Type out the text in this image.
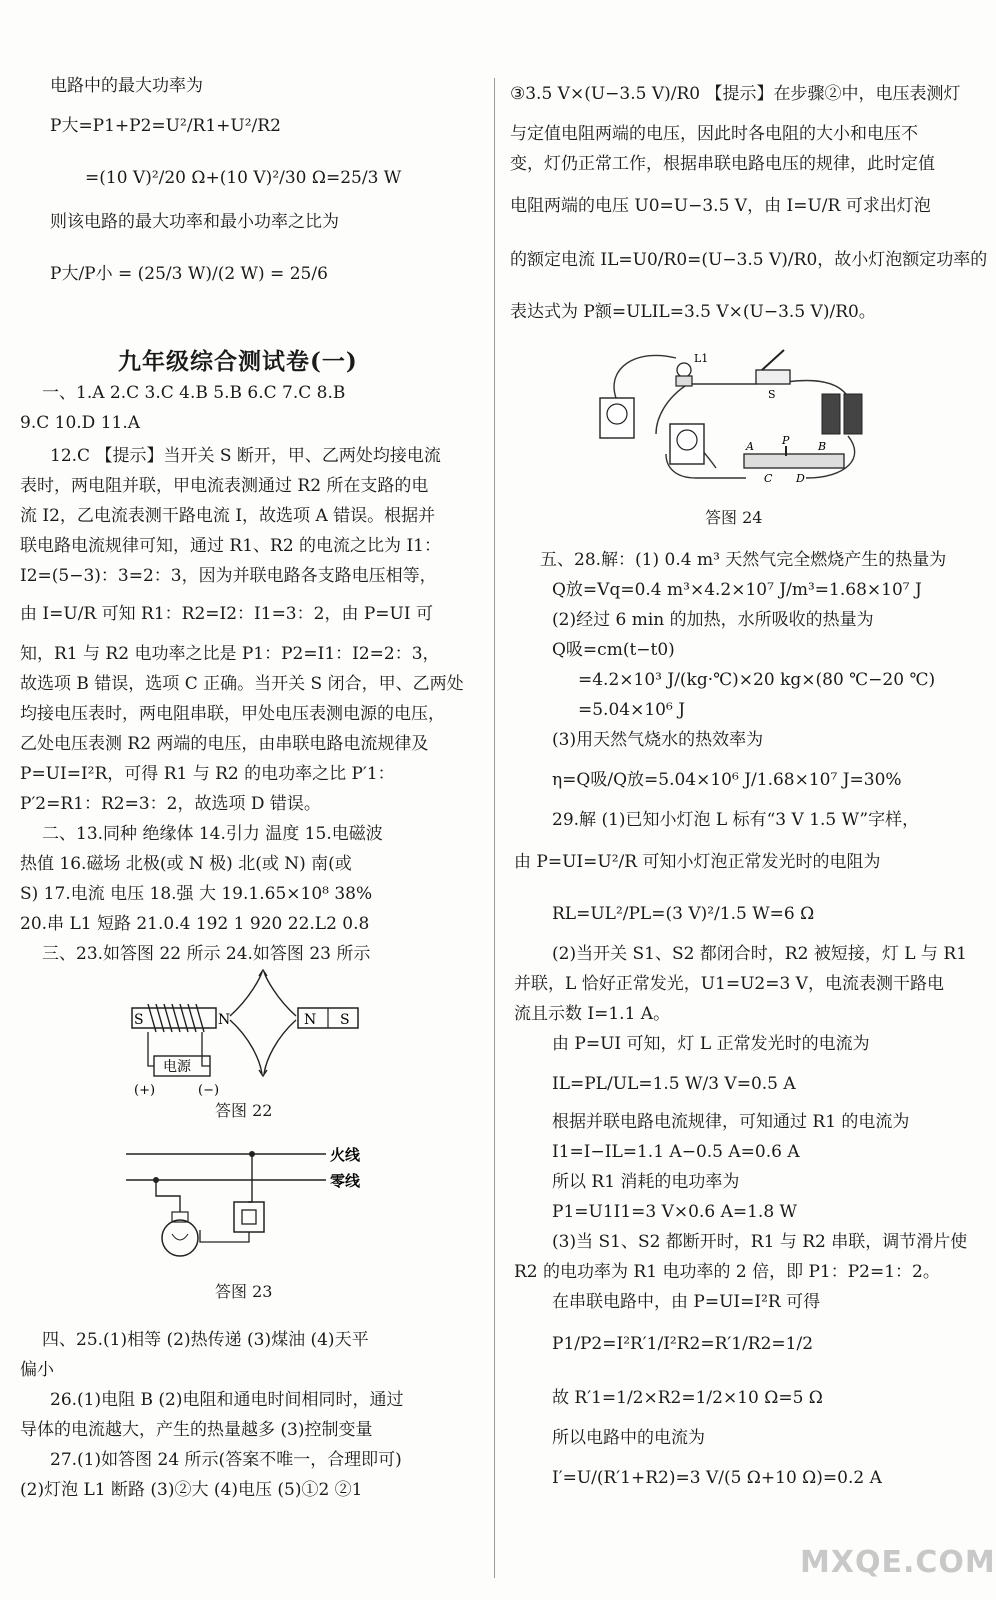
电路中的最大功率为
P大=P1+P2=U²/R1+U²/R2
=(10 V)²/20 Ω+(10 V)²/30 Ω=25/3 W
则该电路的最大功率和最小功率之比为
P大/P小 = (25/3 W)/(2 W) = 25/6
九年级综合测试卷(一)
一、1.A 2.C 3.C 4.B 5.B 6.C 7.C 8.B
9.C 10.D 11.A
12.C 【提示】当开关 S 断开，甲、乙两处均接电流
表时，两电阻并联，甲电流表测通过 R2 所在支路的电
流 I2，乙电流表测干路电流 I，故选项 A 错误。根据并
联电路电流规律可知，通过 R1、R2 的电流之比为 I1：
I2=(5−3)：3=2：3，因为并联电路各支路电压相等，
由 I=U/R 可知 R1：R2=I2：I1=3：2，由 P=UI 可
知，R1 与 R2 电功率之比是 P1：P2=I1：I2=2：3，
故选项 B 错误，选项 C 正确。当开关 S 闭合，甲、乙两处
均接电压表时，两电阻串联，甲处电压表测电源的电压，
乙处电压表测 R2 两端的电压，由串联电路电流规律及
P=UI=I²R，可得 R1 与 R2 的电功率之比 P′1：
P′2=R1：R2=3：2，故选项 D 错误。
二、13.同种 绝缘体 14.引力 温度 15.电磁波
热值 16.磁场 北极(或 N 极) 北(或 N) 南(或
S) 17.电流 电压 18.强 大 19.1.65×10⁸ 38%
20.串 L1 短路 21.0.4 192 1 920 22.L2 0.8
三、23.如答图 22 所示 24.如答图 23 所示
S	N
电源
(+)	(−)
N S
答图 22
火线
零线
答图 23
四、25.(1)相等 (2)热传递 (3)煤油 (4)天平
偏小
26.(1)电阻 B (2)电阻和通电时间相同时，通过
导体的电流越大，产生的热量越多 (3)控制变量
27.(1)如答图 24 所示(答案不唯一，合理即可)
(2)灯泡 L1 断路 (3)②大 (4)电压 (5)①2 ②1
③3.5 V×(U−3.5 V)/R0 【提示】在步骤②中，电压表测灯
与定值电阻两端的电压，因此时各电阻的大小和电压不
变，灯仍正常工作，根据串联电路电压的规律，此时定值
电阻两端的电压 U0=U−3.5 V，由 I=U/R 可求出灯泡
的额定电流 IL=U0/R0=(U−3.5 V)/R0，故小灯泡额定功率的
表达式为 P额=ULIL=3.5 V×(U−3.5 V)/R0。
L1
S
A	P	B
C D
答图 24
五、28.解：(1) 0.4 m³ 天然气完全燃烧产生的热量为
Q放=Vq=0.4 m³×4.2×10⁷ J/m³=1.68×10⁷ J
(2)经过 6 min 的加热，水所吸收的热量为
Q吸=cm(t−t0)
=4.2×10³ J/(kg·℃)×20 kg×(80 ℃−20 ℃)
=5.04×10⁶ J
(3)用天然气烧水的热效率为
η=Q吸/Q放=5.04×10⁶ J/1.68×10⁷ J=30%
29.解 (1)已知小灯泡 L 标有“3 V 1.5 W”字样，
由 P=UI=U²/R 可知小灯泡正常发光时的电阻为
RL=UL²/PL=(3 V)²/1.5 W=6 Ω
(2)当开关 S1、S2 都闭合时，R2 被短接，灯 L 与 R1
并联，L 恰好正常发光，U1=U2=3 V，电流表测干路电
流且示数 I=1.1 A。
由 P=UI 可知，灯 L 正常发光时的电流为
IL=PL/UL=1.5 W/3 V=0.5 A
根据并联电路电流规律，可知通过 R1 的电流为
I1=I−IL=1.1 A−0.5 A=0.6 A
所以 R1 消耗的电功率为
P1=U1I1=3 V×0.6 A=1.8 W
(3)当 S1、S2 都断开时，R1 与 R2 串联，调节滑片使
R2 的电功率为 R1 电功率的 2 倍，即 P1：P2=1：2。
在串联电路中，由 P=UI=I²R 可得
P1/P2=I²R′1/I²R2=R′1/R2=1/2
故 R′1=1/2×R2=1/2×10 Ω=5 Ω
所以电路中的电流为
I′=U/(R′1+R2)=3 V/(5 Ω+10 Ω)=0.2 A
MXQE.COM
